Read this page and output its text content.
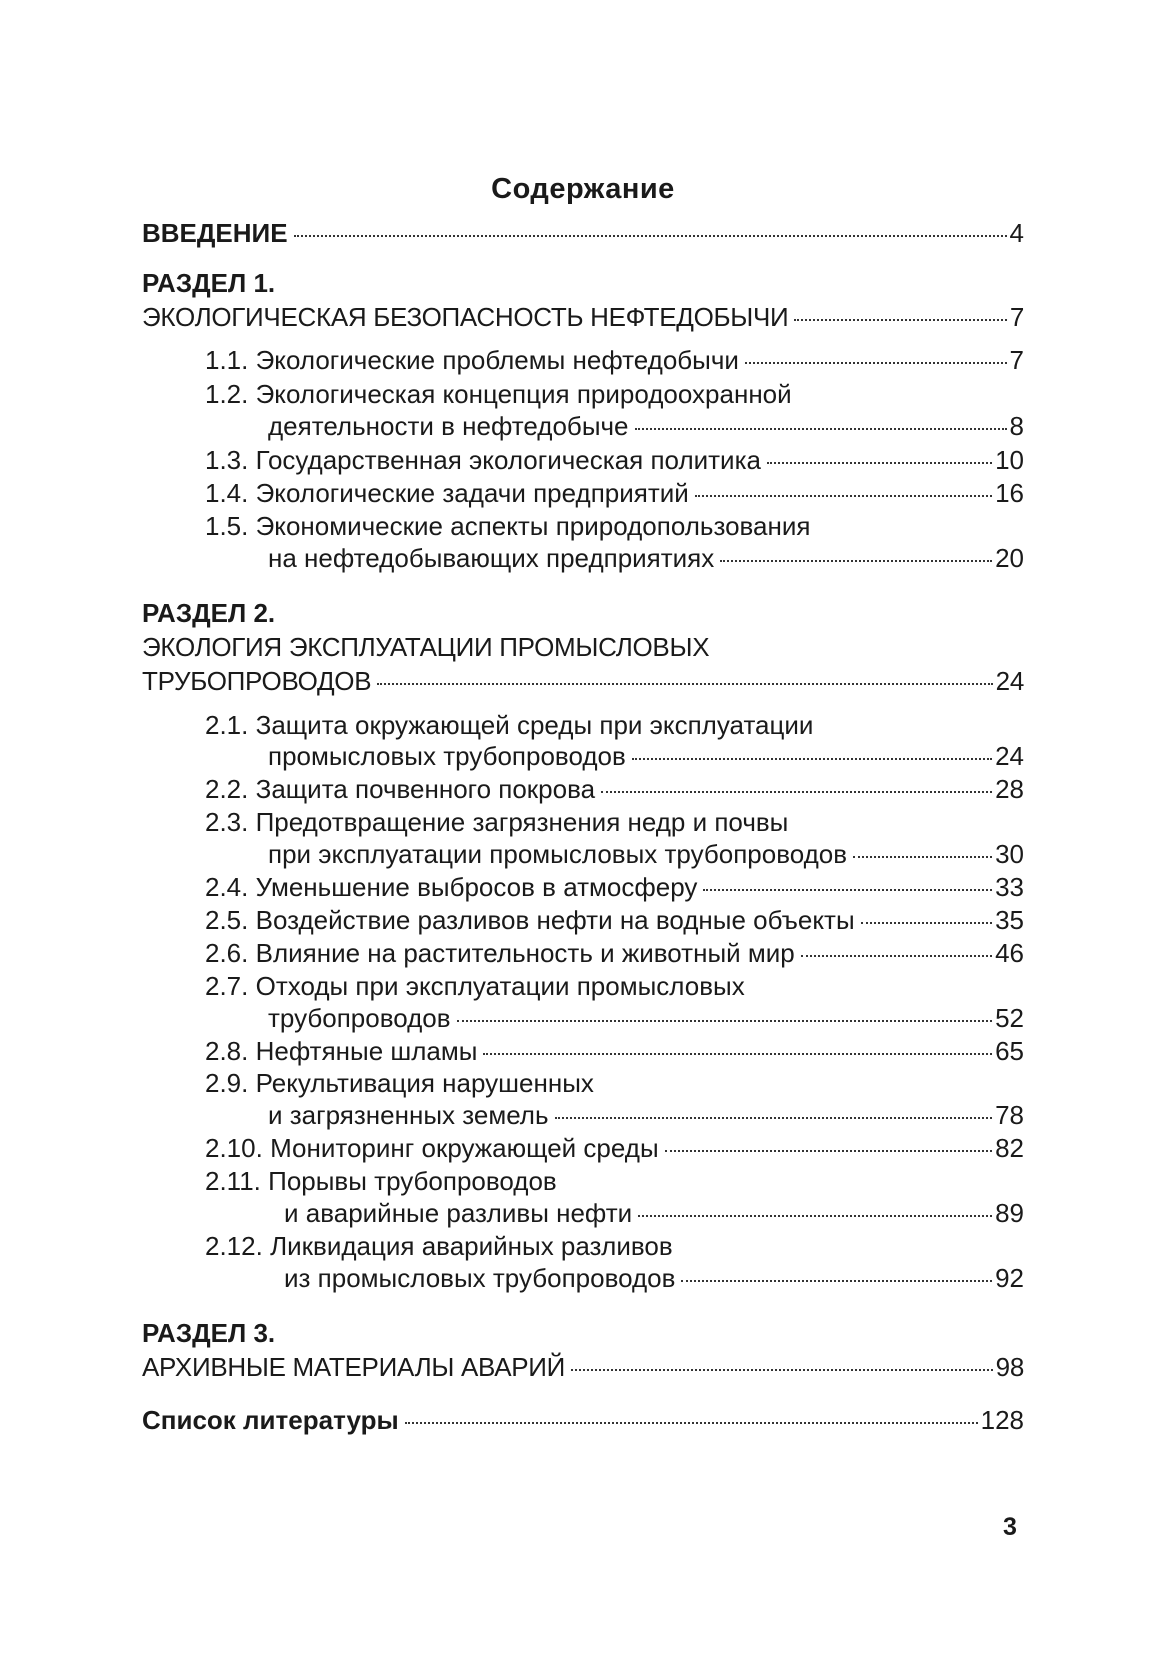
Содержание
ВВЕДЕНИЕ	4
РАЗДЕЛ 1.
ЭКОЛОГИЧЕСКАЯ БЕЗОПАСНОСТЬ НЕФТЕДОБЫЧИ	7
1.1. Экологические проблемы нефтедобычи	7
1.2. Экологическая концепция природоохранной
деятельности в нефтедобыче	8
1.3. Государственная экологическая политика	10
1.4. Экологические задачи предприятий	16
1.5. Экономические аспекты природопользования
на нефтедобывающих предприятиях	20
РАЗДЕЛ 2.
ЭКОЛОГИЯ ЭКСПЛУАТАЦИИ ПРОМЫСЛОВЫХ
ТРУБОПРОВОДОВ	24
2.1. Защита окружающей среды при эксплуатации
промысловых трубопроводов	24
2.2. Защита почвенного покрова	28
2.3. Предотвращение загрязнения недр и почвы
при эксплуатации промысловых трубопроводов	30
2.4. Уменьшение выбросов в атмосферу	33
2.5. Воздействие разливов нефти на водные объекты	35
2.6. Влияние на растительность и животный мир	46
2.7. Отходы при эксплуатации промысловых
трубопроводов	52
2.8. Нефтяные шламы	65
2.9. Рекультивация нарушенных
и загрязненных земель	78
2.10. Мониторинг окружающей среды	82
2.11. Порывы трубопроводов
и аварийные разливы нефти	89
2.12. Ликвидация аварийных разливов
из промысловых трубопроводов	92
РАЗДЕЛ 3.
АРХИВНЫЕ МАТЕРИАЛЫ АВАРИЙ	98
Список литературы	128
3
